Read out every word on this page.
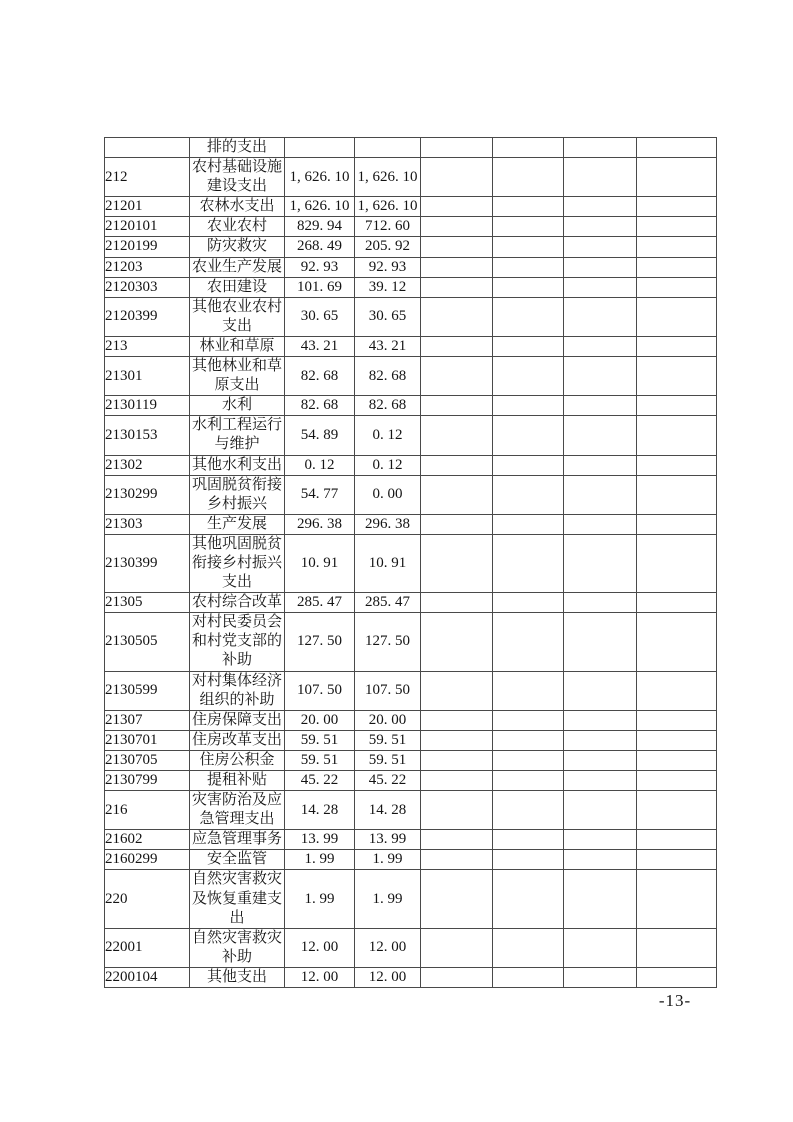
	排的支出						
212	农村基础设施建设支出	1, 626. 10	1, 626. 10				
21201	农林水支出	1, 626. 10	1, 626. 10				
2120101	农业农村	829. 94	712. 60				
2120199	防灾救灾	268. 49	205. 92				
21203	农业生产发展	92. 93	92. 93				
2120303	农田建设	101. 69	39. 12				
2120399	其他农业农村支出	30. 65	30. 65				
213	林业和草原	43. 21	43. 21				
21301	其他林业和草原支出	82. 68	82. 68				
2130119	水利	82. 68	82. 68				
2130153	水利工程运行与维护	54. 89	0. 12				
21302	其他水利支出	0. 12	0. 12				
2130299	巩固脱贫衔接乡村振兴	54. 77	0. 00				
21303	生产发展	296. 38	296. 38				
2130399	其他巩固脱贫衔接乡村振兴支出	10. 91	10. 91				
21305	农村综合改革	285. 47	285. 47				
2130505	对村民委员会和村党支部的补助	127. 50	127. 50				
2130599	对村集体经济组织的补助	107. 50	107. 50				
21307	住房保障支出	20. 00	20. 00				
2130701	住房改革支出	59. 51	59. 51				
2130705	住房公积金	59. 51	59. 51				
2130799	提租补贴	45. 22	45. 22				
216	灾害防治及应急管理支出	14. 28	14. 28				
21602	应急管理事务	13. 99	13. 99				
2160299	安全监管	1. 99	1. 99				
220	自然灾害救灾及恢复重建支出	1. 99	1. 99				
22001	自然灾害救灾补助	12. 00	12. 00				
2200104	其他支出	12. 00	12. 00				
-13-
